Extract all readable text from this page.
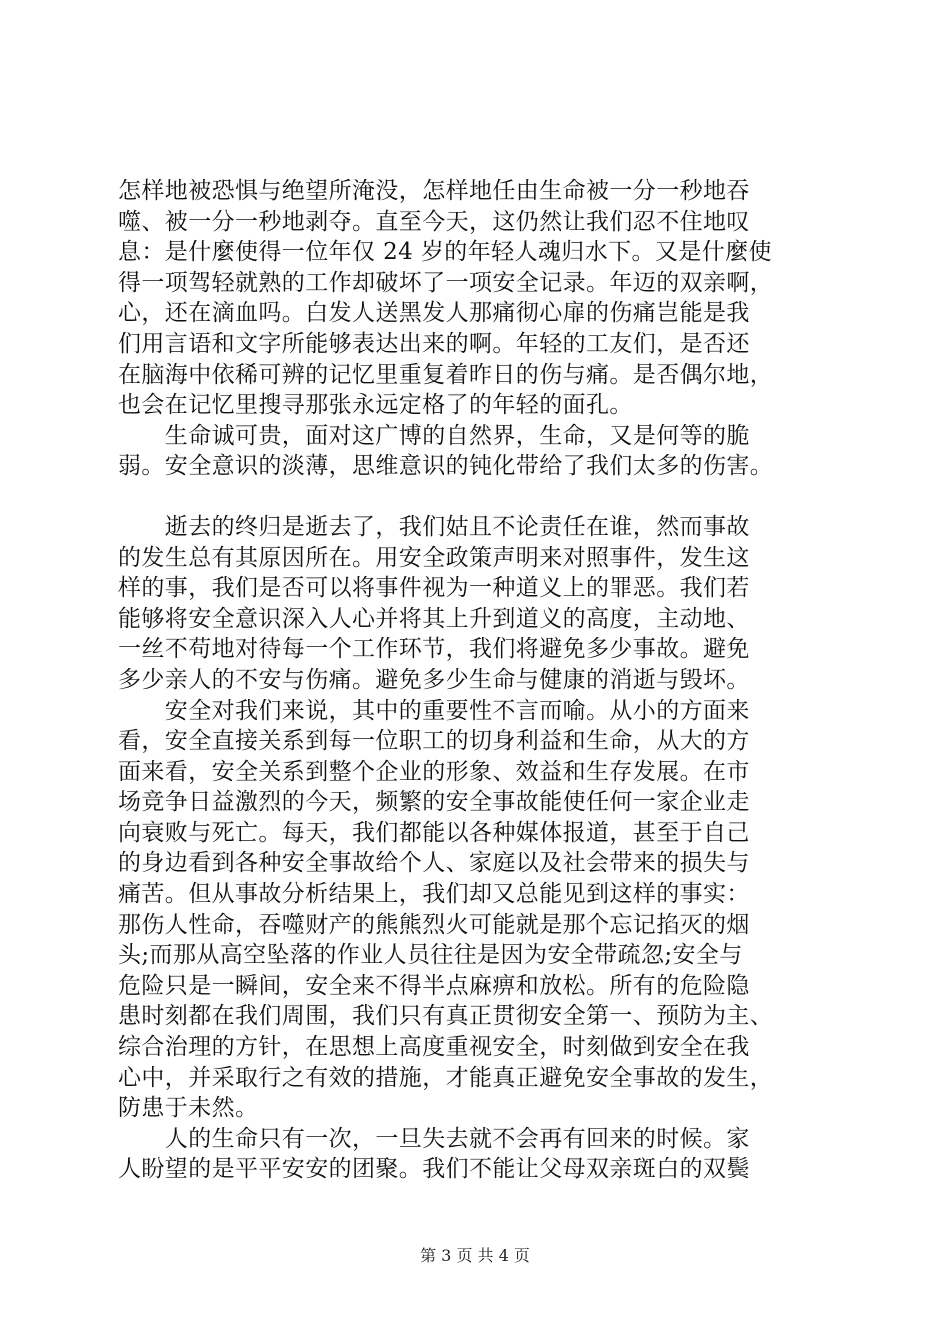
怎样地被恐惧与绝望所淹没，怎样地任由生命被一分一秒地吞
噬、被一分一秒地剥夺。直至今天，这仍然让我们忍不住地叹
息：是什麼使得一位年仅 24 岁的年轻人魂归水下。又是什麼使
得一项驾轻就熟的工作却破坏了一项安全记录。年迈的双亲啊，
心，还在滴血吗。白发人送黑发人那痛彻心扉的伤痛岂能是我
们用言语和文字所能够表达出来的啊。年轻的工友们，是否还
在脑海中依稀可辨的记忆里重复着昨日的伤与痛。是否偶尔地，
也会在记忆里搜寻那张永远定格了的年轻的面孔。
　　生命诚可贵，面对这广博的自然界，生命，又是何等的脆
弱。安全意识的淡薄，思维意识的钝化带给了我们太多的伤害。
　　逝去的终归是逝去了，我们姑且不论责任在谁，然而事故
的发生总有其原因所在。用安全政策声明来对照事件，发生这
样的事，我们是否可以将事件视为一种道义上的罪恶。我们若
能够将安全意识深入人心并将其上升到道义的高度，主动地、
一丝不苟地对待每一个工作环节，我们将避免多少事故。避免
多少亲人的不安与伤痛。避免多少生命与健康的消逝与毁坏。
　　安全对我们来说，其中的重要性不言而喻。从小的方面来
看，安全直接关系到每一位职工的切身利益和生命，从大的方
面来看，安全关系到整个企业的形象、效益和生存发展。在市
场竞争日益激烈的今天，频繁的安全事故能使任何一家企业走
向衰败与死亡。每天，我们都能以各种媒体报道，甚至于自己
的身边看到各种安全事故给个人、家庭以及社会带来的损失与
痛苦。但从事故分析结果上，我们却又总能见到这样的事实：
那伤人性命，吞噬财产的熊熊烈火可能就是那个忘记掐灭的烟
头;而那从高空坠落的作业人员往往是因为安全带疏忽;安全与
危险只是一瞬间，安全来不得半点麻痹和放松。所有的危险隐
患时刻都在我们周围，我们只有真正贯彻安全第一、预防为主、
综合治理的方针，在思想上高度重视安全，时刻做到安全在我
心中，并采取行之有效的措施，才能真正避免安全事故的发生，
防患于未然。
　　人的生命只有一次，一旦失去就不会再有回来的时候。家
人盼望的是平平安安的团聚。我们不能让父母双亲斑白的双鬓
第 3 页 共 4 页
